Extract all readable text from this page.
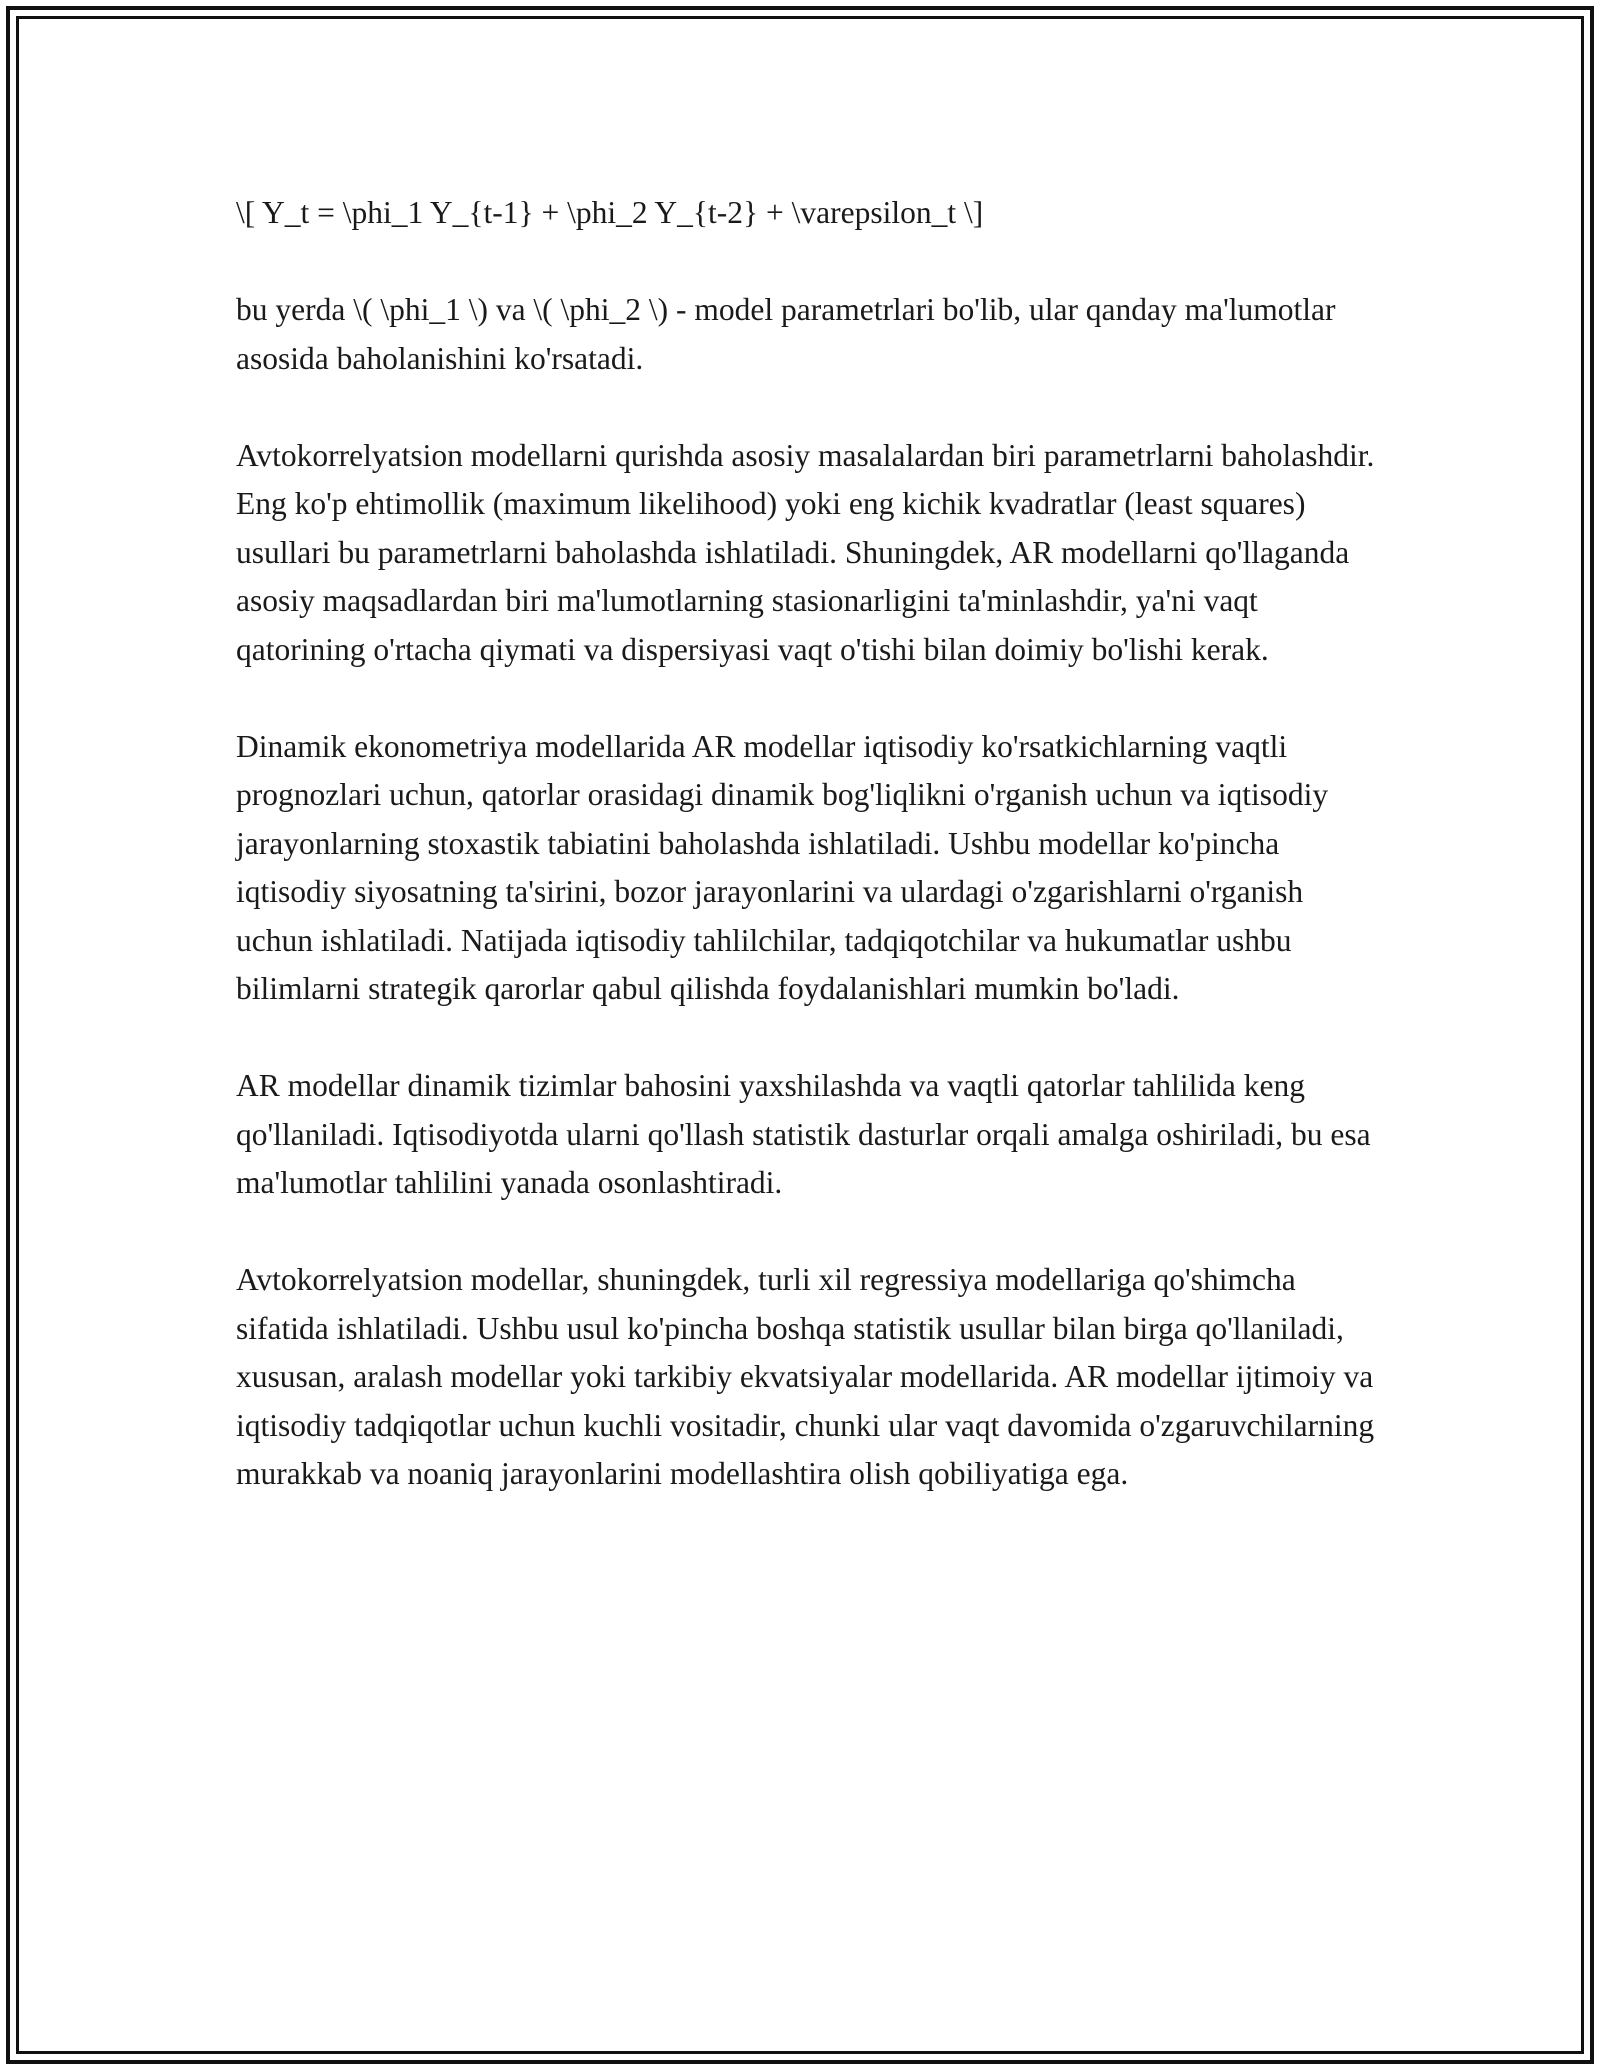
\[ Y_t = \phi_1 Y_{t-1} + \phi_2 Y_{t-2} + \varepsilon_t \]

bu yerda \( \phi_1 \) va \( \phi_2 \) - model parametrlari bo'lib, ular qanday ma'lumotlar asosida baholanishini ko'rsatadi.

Avtokorrelyatsion modellarni qurishda asosiy masalalardan biri parametrlarni baholashdir. Eng ko'p ehtimollik (maximum likelihood) yoki eng kichik kvadratlar (least squares) usullari bu parametrlarni baholashda ishlatiladi. Shuningdek, AR modellarni qo'llaganda asosiy maqsadlardan biri ma'lumotlarning stasionarligini ta'minlashdir, ya'ni vaqt qatorining o'rtacha qiymati va dispersiyasi vaqt o'tishi bilan doimiy bo'lishi kerak.

Dinamik ekonometriya modellarida AR modellar iqtisodiy ko'rsatkichlarning vaqtli prognozlari uchun, qatorlar orasidagi dinamik bog'liqlikni o'rganish uchun va iqtisodiy jarayonlarning stoxastik tabiatini baholashda ishlatiladi. Ushbu modellar ko'pincha iqtisodiy siyosatning ta'sirini, bozor jarayonlarini va ulardagi o'zgarishlarni o'rganish uchun ishlatiladi. Natijada iqtisodiy tahlilchilar, tadqiqotchilar va hukumatlar ushbu bilimlarni strategik qarorlar qabul qilishda foydalanishlari mumkin bo'ladi.

AR modellar dinamik tizimlar bahosini yaxshilashda va vaqtli qatorlar tahlilida keng qo'llaniladi. Iqtisodiyotda ularni qo'llash statistik dasturlar orqali amalga oshiriladi, bu esa ma'lumotlar tahlilini yanada osonlashtiradi.

Avtokorrelyatsion modellar, shuningdek, turli xil regressiya modellariga qo'shimcha sifatida ishlatiladi. Ushbu usul ko'pincha boshqa statistik usullar bilan birga qo'llaniladi, xususan, aralash modellar yoki tarkibiy ekvatsiyalar modellarida. AR modellar ijtimoiy va iqtisodiy tadqiqotlar uchun kuchli vositadir, chunki ular vaqt davomida o'zgaruvchilarning murakkab va noaniq jarayonlarini modellashtira olish qobiliyatiga ega.
